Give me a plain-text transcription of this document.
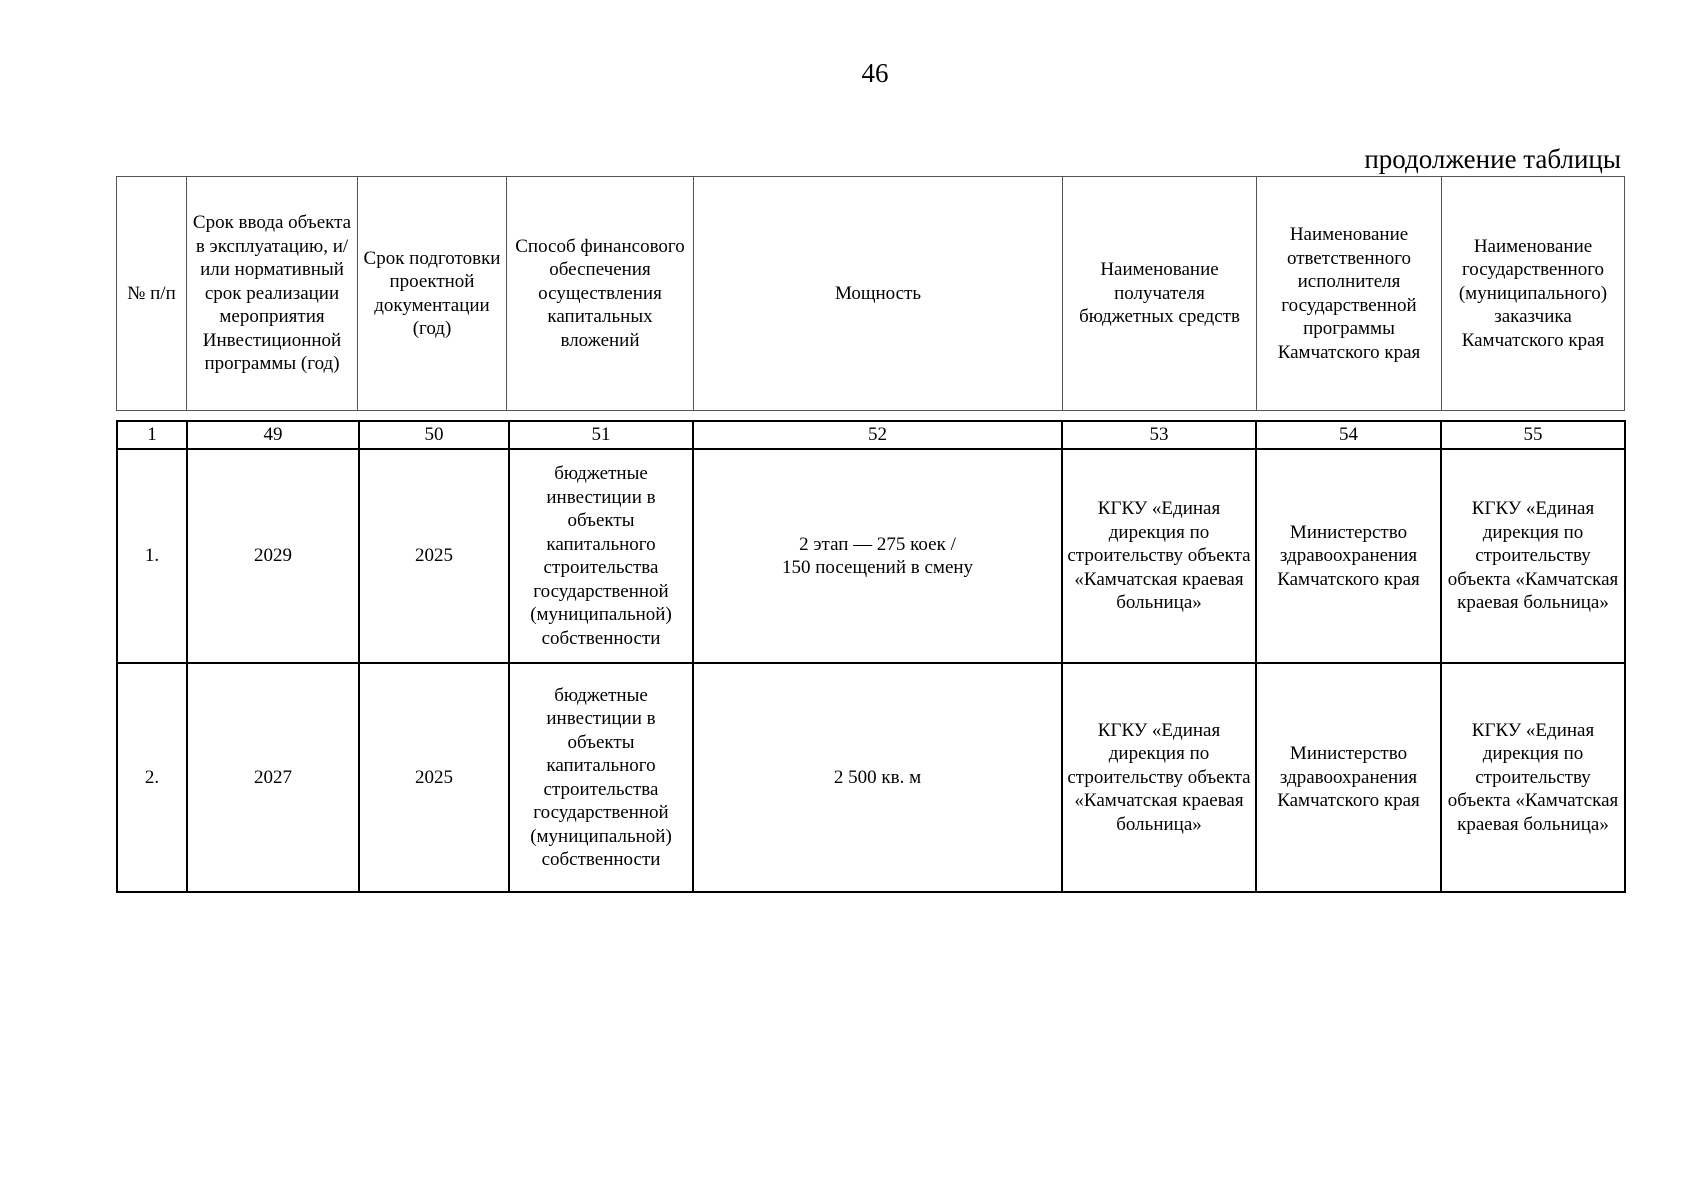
46
продолжение таблицы
№ п/п	Срок ввода объекта в эксплуатацию, и/или нормативный срок реализации мероприятия Инвестиционной программы (год)	Срок подготовки проектной документации (год)	Способ финансового обеспечения осуществления капитальных вложений	Мощность	Наименование получателя бюджетных средств	Наименование ответственного исполнителя государственной программы Камчатского края	Наименование государственного (муниципального) заказчика Камчатского края
1	49	50	51	52	53	54	55
1.	2029	2025	бюджетные инвестиции в объекты капитального строительства государственной (муниципальной) собственности	2 этап — 275 коек /
150 посещений в смену	КГКУ «Единая дирекция по строительству объекта «Камчатская краевая больница»	Министерство здравоохранения Камчатского края	КГКУ «Единая дирекция по строительству объекта «Камчатская краевая больница»
2.	2027	2025	бюджетные инвестиции в объекты капитального строительства государственной (муниципальной) собственности	2 500 кв. м	КГКУ «Единая дирекция по строительству объекта «Камчатская краевая больница»	Министерство здравоохранения Камчатского края	КГКУ «Единая дирекция по строительству объекта «Камчатская краевая больница»
